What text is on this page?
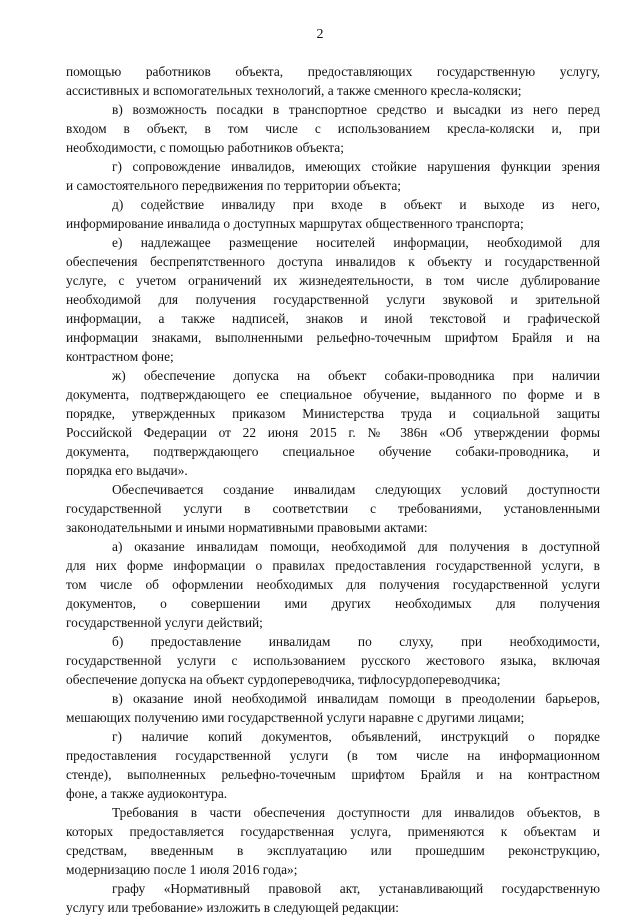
2
помощью работников объекта, предоставляющих государственную услугу,
ассистивных и вспомогательных технологий, а также сменного кресла-коляски;
в) возможность посадки в транспортное средство и высадки из него перед
входом в объект, в том числе с использованием кресла-коляски и, при
необходимости, с помощью работников объекта;
г) сопровождение инвалидов, имеющих стойкие нарушения функции зрения
и самостоятельного передвижения по территории объекта;
д) содействие инвалиду при входе в объект и выходе из него,
информирование инвалида о доступных маршрутах общественного транспорта;
е) надлежащее размещение носителей информации, необходимой для
обеспечения беспрепятственного доступа инвалидов к объекту и государственной
услуге, с учетом ограничений их жизнедеятельности, в том числе дублирование
необходимой для получения государственной услуги звуковой и зрительной
информации, а также надписей, знаков и иной текстовой и графической
информации знаками, выполненными рельефно-точечным шрифтом Брайля и на
контрастном фоне;
ж) обеспечение допуска на объект собаки-проводника при наличии
документа, подтверждающего ее специальное обучение, выданного по форме и в
порядке, утвержденных приказом Министерства труда и социальной защиты
Российской Федерации от 22 июня 2015 г. № 386н «Об утверждении формы
документа, подтверждающего специальное обучение собаки-проводника, и
порядка его выдачи».
Обеспечивается создание инвалидам следующих условий доступности
государственной услуги в соответствии с требованиями, установленными
законодательными и иными нормативными правовыми актами:
а) оказание инвалидам помощи, необходимой для получения в доступной
для них форме информации о правилах предоставления государственной услуги, в
том числе об оформлении необходимых для получения государственной услуги
документов, о совершении ими других необходимых для получения
государственной услуги действий;
б) предоставление инвалидам по слуху, при необходимости,
государственной услуги с использованием русского жестового языка, включая
обеспечение допуска на объект сурдопереводчика, тифлосурдопереводчика;
в) оказание иной необходимой инвалидам помощи в преодолении барьеров,
мешающих получению ими государственной услуги наравне с другими лицами;
г) наличие копий документов, объявлений, инструкций о порядке
предоставления государственной услуги (в том числе на информационном
стенде), выполненных рельефно-точечным шрифтом Брайля и на контрастном
фоне, а также аудиоконтура.
Требования в части обеспечения доступности для инвалидов объектов, в
которых предоставляется государственная услуга, применяются к объектам и
средствам, введенным в эксплуатацию или прошедшим реконструкцию,
модернизацию после 1 июля 2016 года»;
графу «Нормативный правовой акт, устанавливающий государственную
услугу или требование» изложить в следующей редакции:
